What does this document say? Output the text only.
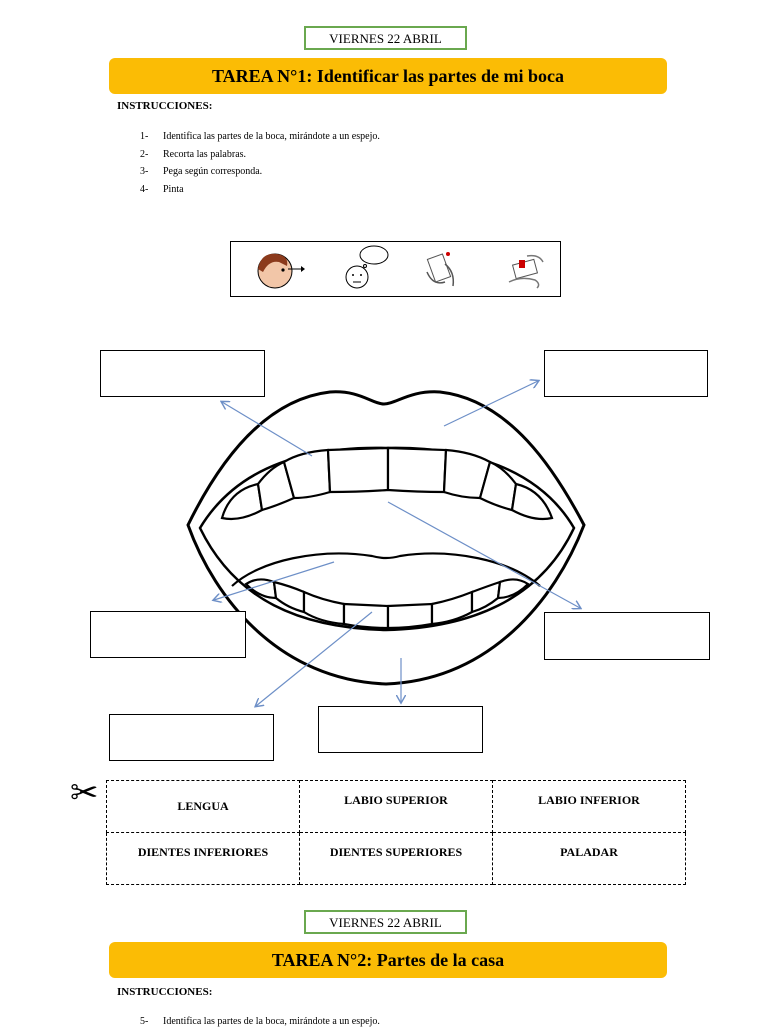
VIERNES 22 ABRIL
TAREA N°1: Identificar las partes de mi boca
INSTRUCCIONES:
1-	Identifica las partes de la boca, mirándote a un espejo.
2-	Recorta las palabras.
3-	Pega según corresponda.
4-	Pinta
✂	LENGUA	LABIO SUPERIOR	LABIO INFERIOR
DIENTES INFERIORES	DIENTES SUPERIORES	PALADAR
VIERNES 22 ABRIL
TAREA N°2: Partes de la casa
INSTRUCCIONES:
5-	Identifica las partes de la boca, mirándote a un espejo.
